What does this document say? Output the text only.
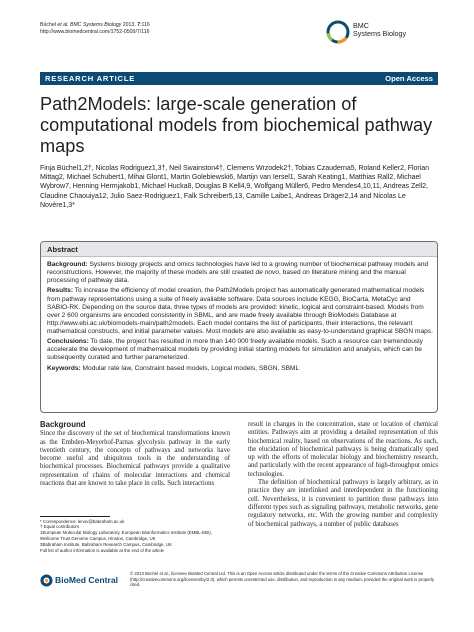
Büchel et al. BMC Systems Biology 2013, 7:116
http://www.biomedcentral.com/1752-0509/7/116
BMC
Systems Biology
RESEARCH ARTICLE	Open Access
Path2Models: large-scale generation of computational models from biochemical pathway maps
Finja Büchel1,2†, Nicolas Rodriguez1,3†, Neil Swainston4†, Clemens Wrzodek2†, Tobias Czauderna5, Roland Keller2, Florian Mittag2, Michael Schubert1, Mihai Glont1, Martin Golebiewski6, Martijn van Iersel1, Sarah Keating1, Matthias Rall2, Michael Wybrow7, Henning Hermjakob1, Michael Hucka8, Douglas B Kell4,9, Wolfgang Müller6, Pedro Mendes4,10,11, Andreas Zell2, Claudine Chaouiya12, Julio Saez-Rodriguez1, Falk Schreiber5,13, Camille Laibe1, Andreas Dräger2,14 and Nicolas Le Novère1,3*
Abstract

Background: Systems biology projects and omics technologies have led to a growing number of biochemical pathway models and reconstructions. However, the majority of these models are still created de novo, based on literature mining and the manual processing of pathway data.

Results: To increase the efficiency of model creation, the Path2Models project has automatically generated mathematical models from pathway representations using a suite of freely available software. Data sources include KEGG, BioCarta, MetaCyc and SABIO-RK. Depending on the source data, three types of models are provided: kinetic, logical and constraint-based. Models from over 2 600 organisms are encoded consistently in SBML, and are made freely available through BioModels Database at http://www.ebi.ac.uk/biomodels-main/path2models. Each model contains the list of participants, their interactions, the relevant mathematical constructs, and initial parameter values. Most models are also available as easy-to-understand graphical SBGN maps.

Conclusions: To date, the project has resulted in more than 140 000 freely available models. Such a resource can tremendously accelerate the development of mathematical models by providing initial starting models for simulation and analysis, which can be subsequently curated and further parameterized.

Keywords: Modular rate law, Constraint based models, Logical models, SBGN, SBML

Background

Since the discovery of the set of biochemical transformations known as the Embden-Meyerhof-Parnas glycolysis pathway in the early twentieth century, the concepts of pathways and networks have become useful and ubiquitous tools in the understanding of biochemical processes. Biochemical pathways provide a qualitative representation of chains of molecular interactions and chemical reactions that are known to take place in cells. Such interactions

result in changes in the concentration, state or location of chemical entities. Pathways aim at providing a detailed representation of this biochemical reality, based on observations of the reactions. As such, the elucidation of biochemical pathways is being dramatically sped up with the efforts of molecular biology and biochemistry research, and particularly with the recent appearance of high-throughput omics technologies.

The definition of biochemical pathways is largely arbitrary, as in practice they are interlinked and interdependent in the functioning cell. Nevertheless, it is convenient to partition these pathways into different types such as signaling pathways, metabolic networks, gene regulatory networks, etc. With the growing number and complexity of biochemical pathways, a number of public databases

* Correspondence: lenov@babraham.ac.uk
† Equal contributors
1European Molecular Biology Laboratory, European Bioinformatics Institute (EMBL-EBI), Wellcome Trust Genome Campus, Hinxton, Cambridge, UK
3Babraham Institute, Babraham Research Campus, Cambridge, UK
Full list of author information is available at the end of the article
BioMed Central
© 2013 Büchel et al.; licensee BioMed Central Ltd. This is an Open Access article distributed under the terms of the Creative Commons Attribution License (http://creativecommons.org/licenses/by/2.0), which permits unrestricted use, distribution, and reproduction in any medium, provided the original work is properly cited.
